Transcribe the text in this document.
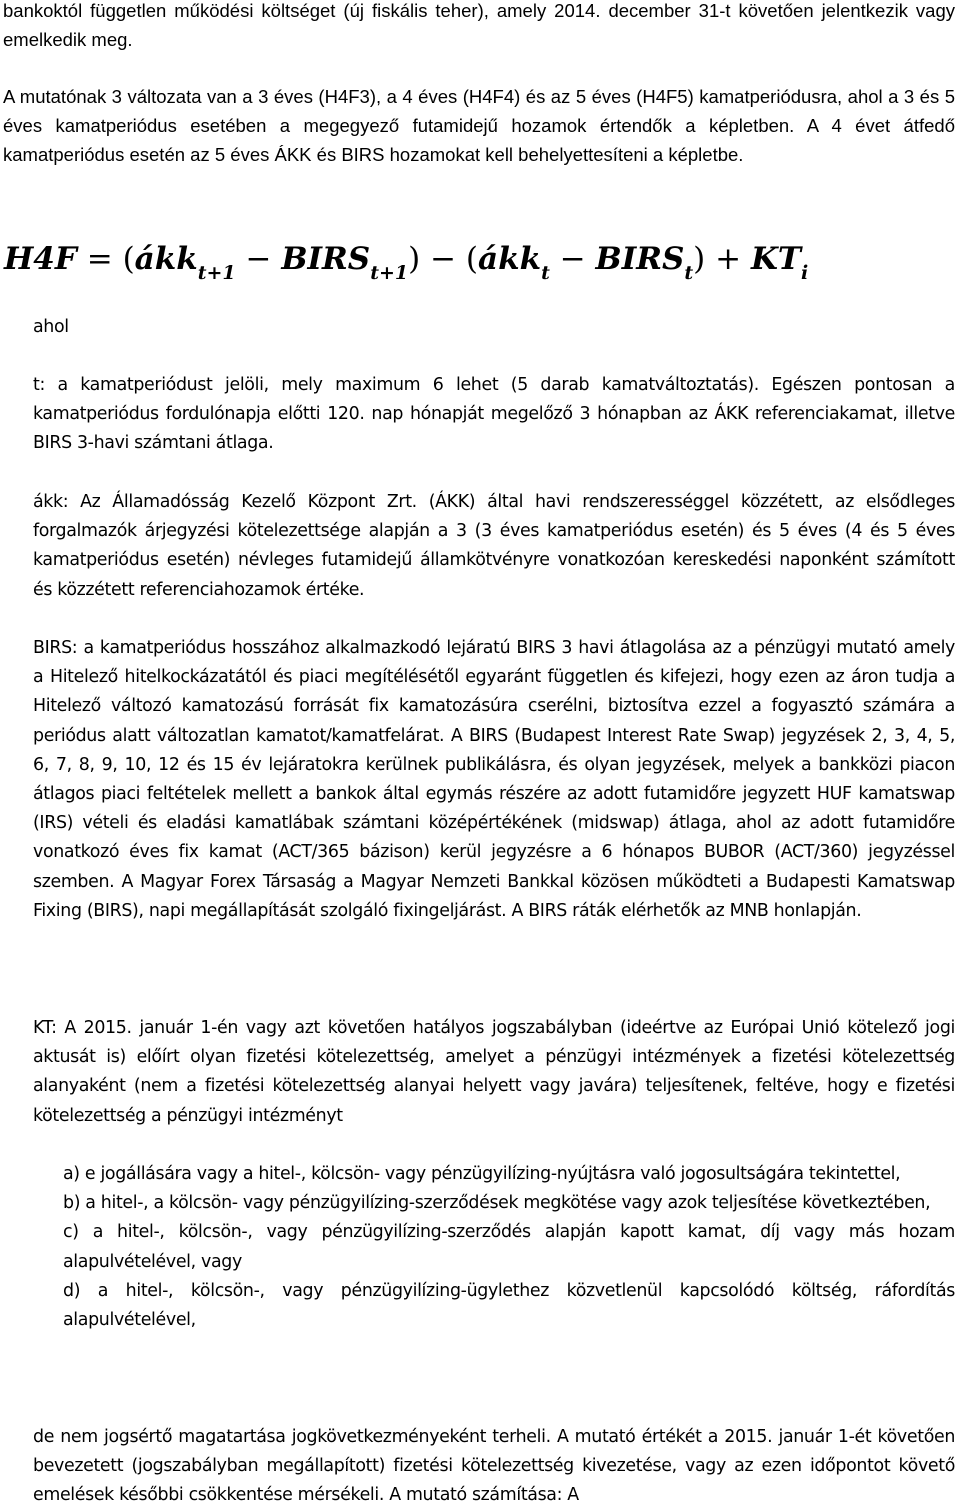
bankoktól független működési költséget (új fiskális teher), amely 2014. december 31-t követően jelentkezik vagy emelkedik meg.

A mutatónak 3 változata van a 3 éves (H4F3), a 4 éves (H4F4) és az 5 éves (H4F5) kamatperiódusra, ahol a 3 és 5 éves kamatperiódus esetében a megegyező futamidejű hozamok értendők a képletben. A 4 évet átfedő kamatperiódus esetén az 5 éves ÁKK és BIRS hozamokat kell behelyettesíteni a képletbe.

H4F = (ákk$_{t+1}$ − $BIRS_{t+1}$) − (ákk$_t$ − $BIRS_t) + KT_i$

ahol

t: a kamatperiódust jelöli, mely maximum 6 lehet (5 darab kamatváltoztatás). Egészen pontosan a kamatperiódus fordulónapja előtti 120. nap hónapját megelőző 3 hónapban az ÁKK referenciakamat, illetve BIRS 3-havi számtani átlaga.

ákk: Az Államadósság Kezelő Központ Zrt. (ÁKK) által havi rendszerességgel közzétett, az elsődleges forgalmazók árjegyzési kötelezettsége alapján a 3 (3 éves kamatperiódus esetén) és 5 éves (4 és 5 éves kamatperiódus esetén) névleges futamidejű államkötvényre vonatkozóan kereskedési naponként számított és közzétett referenciahozamok értéke.

BIRS: a kamatperiódus hosszához alkalmazkodó lejáratú BIRS 3 havi átlagolása az a pénzügyi mutató amely a Hitelező hitelkockázatától és piaci megítélésétől egyaránt független és kifejezi, hogy ezen az áron tudja a Hitelező változó kamatozású forrását fix kamatozásúra cserélni, biztosítva ezzel a fogyasztó számára a periódus alatt változatlan kamatot/kamatfelárat. A BIRS (Budapest Interest Rate Swap) jegyzések 2, 3, 4, 5, 6, 7, 8, 9, 10, 12 és 15 év lejáratokra kerülnek publikálásra, és olyan jegyzések, melyek a bankközi piacon átlagos piaci feltételek mellett a bankok által egymás részére az adott futamidőre jegyzett HUF kamatswap (IRS) vételi és eladási kamatlábak számtani középértékének (midswap) átlaga, ahol az adott futamidőre vonatkozó éves fix kamat (ACT/365 bázison) kerül jegyzésre a 6 hónapos BUBOR (ACT/360) jegyzéssel szemben. A Magyar Forex Társaság a Magyar Nemzeti Bankkal közösen működteti a Budapesti Kamatswap Fixing (BIRS), napi megállapítását szolgáló fixingeljárást. A BIRS ráták elérhetők az MNB honlapján.

KT: A 2015. január 1-én vagy azt követően hatályos jogszabályban (ideértve az Európai Unió kötelező jogi aktusát is) előírt olyan fizetési kötelezettség, amelyet a pénzügyi intézmények a fizetési kötelezettség alanyaként (nem a fizetési kötelezettség alanyai helyett vagy javára) teljesítenek, feltéve, hogy e fizetési kötelezettség a pénzügyi intézményt

a) e jogállására vagy a hitel-, kölcsön- vagy pénzügyilízing-nyújtásra való jogosultságára tekintettel,
b) a hitel-, a kölcsön- vagy pénzügyilízing-szerződések megkötése vagy azok teljesítése következtében,
c) a hitel-, kölcsön-, vagy pénzügyilízing-szerződés alapján kapott kamat, díj vagy más hozam alapulvételével, vagy
d) a hitel-, kölcsön-, vagy pénzügyilízing-ügylethez közvetlenül kapcsolódó költség, ráfordítás alapulvételével,

de nem jogsértő magatartása jogkövetkezményeként terheli. A mutató értékét a 2015. január 1-ét követően bevezetett (jogszabályban megállapított) fizetési kötelezettség kivezetése, vagy az ezen időpontot követő emelések későbbi csökkentése mérsékeli. A mutató számítása: A
